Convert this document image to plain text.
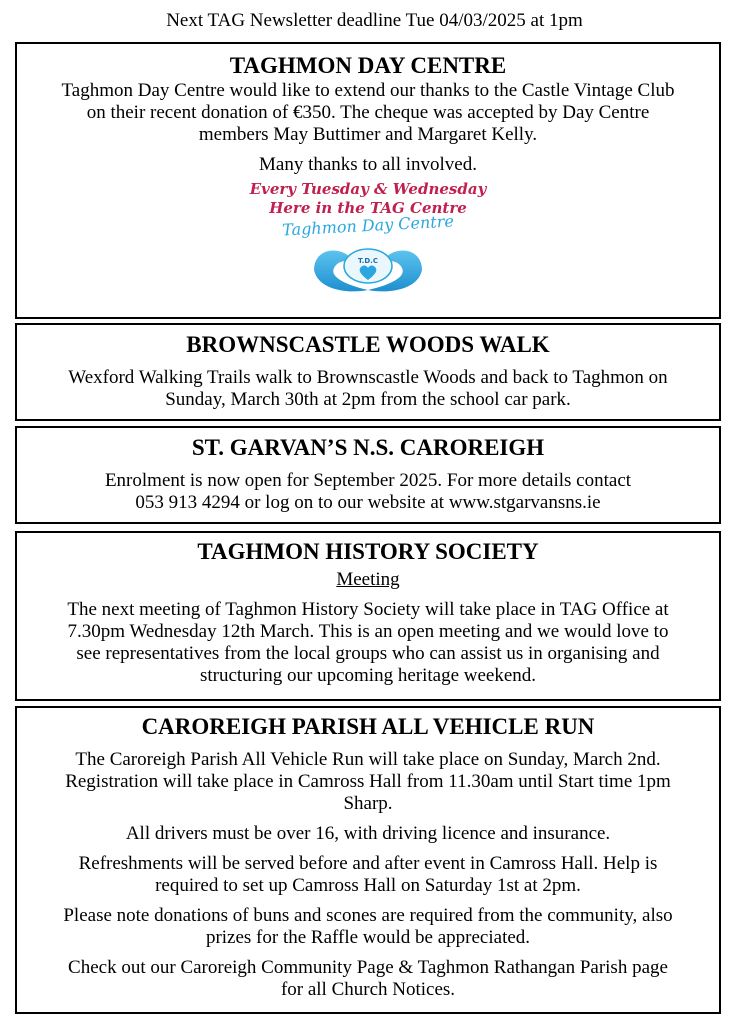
Next TAG Newsletter deadline Tue 04/03/2025 at 1pm
TAGHMON DAY CENTRE

Taghmon Day Centre would like to extend our thanks to the Castle Vintage Club

on their recent donation of €350. The cheque was accepted by Day Centre

members May Buttimer and Margaret Kelly.

Many thanks to all involved.

Every Tuesday & Wednesday
Here in the TAG Centre
Taghmon Day Centre
T.D.C
BROWNSCASTLE WOODS WALK

Wexford Walking Trails walk to Brownscastle Woods and back to Taghmon on

Sunday, March 30th at 2pm from the school car park.

ST. GARVAN’S N.S. CAROREIGH

Enrolment is now open for September 2025. For more details contact

053 913 4294 or log on to our website at www.stgarvansns.ie

TAGHMON HISTORY SOCIETY

Meeting

The next meeting of Taghmon History Society will take place in TAG Office at

7.30pm Wednesday 12th March. This is an open meeting and we would love to

see representatives from the local groups who can assist us in organising and

structuring our upcoming heritage weekend.

CAROREIGH PARISH ALL VEHICLE RUN

The Caroreigh Parish All Vehicle Run will take place on Sunday, March 2nd.

Registration will take place in Camross Hall from 11.30am until Start time 1pm

Sharp.

All drivers must be over 16, with driving licence and insurance.

Refreshments will be served before and after event in Camross Hall. Help is

required to set up Camross Hall on Saturday 1st at 2pm.

Please note donations of buns and scones are required from the community, also

prizes for the Raffle would be appreciated.

Check out our Caroreigh Community Page & Taghmon Rathangan Parish page

for all Church Notices.
